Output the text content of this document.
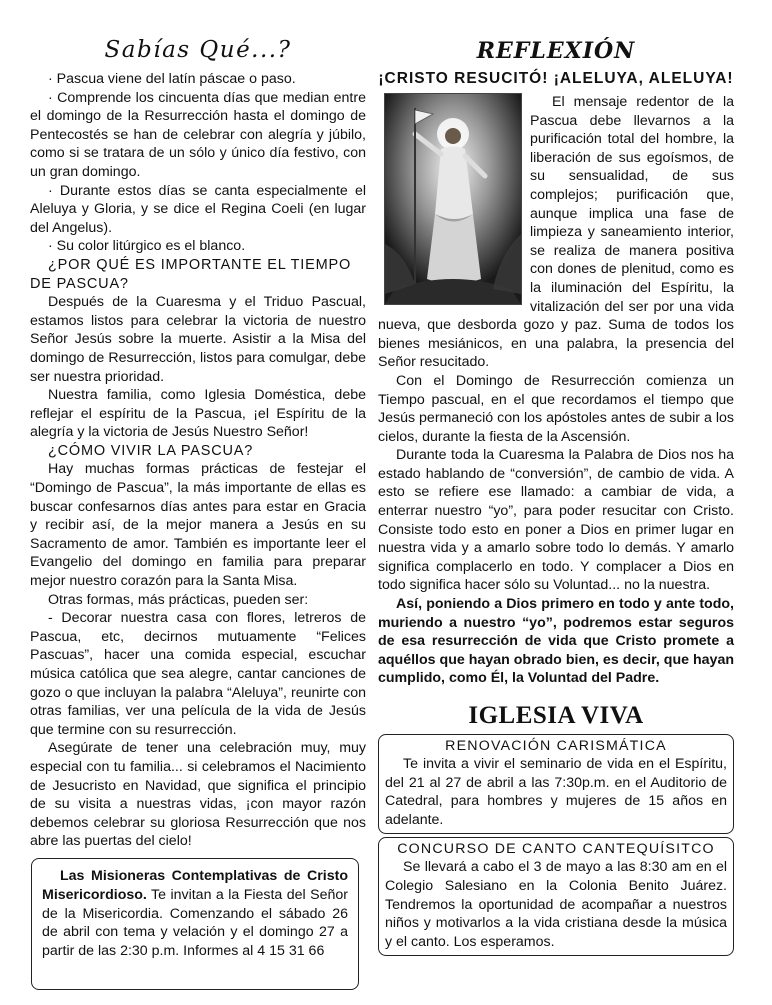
Sabías Qué...?

· Pascua viene del latín páscae o paso.

· Comprende los cincuenta días que median entre el domingo de la Resurrección hasta el domingo de Pentecostés se han de celebrar con alegría y júbilo, como si se tratara de un sólo y único día festivo, con un gran domingo.

· Durante estos días se canta especialmente el Aleluya y Gloria, y se dice el Regina Coeli (en lugar del Angelus).

· Su color litúrgico es el blanco.

¿POR QUÉ ES IMPORTANTE EL TIEMPO DE PASCUA?

Después de la Cuaresma y el Triduo Pascual, estamos listos para celebrar la victoria de nuestro Señor Jesús sobre la muerte. Asistir a la Misa del domingo de Resurrección, listos para comulgar, debe ser nuestra prioridad.

Nuestra familia, como Iglesia Doméstica, debe reflejar el espíritu de la Pascua, ¡el Espíritu de la alegría y la victoria de Jesús Nuestro Señor!

¿CÓMO VIVIR LA PASCUA?

Hay muchas formas prácticas de festejar el “Domingo de Pascua”, la más importante de ellas es buscar confesarnos días antes para estar en Gracia y recibir así, de la mejor manera a Jesús en su Sacramento de amor. También es importante leer el Evangelio del domingo en familia para preparar mejor nuestro corazón para la Santa Misa.

Otras formas, más prácticas, pueden ser:

- Decorar nuestra casa con flores, letreros de Pascua, etc, decirnos mutuamente “Felices Pascuas”, hacer una comida especial, escuchar música católica que sea alegre, cantar canciones de gozo o que incluyan la palabra “Aleluya”, reunirte con otras familias, ver una película de la vida de Jesús que termine con su resurrección.

Asegúrate de tener una celebración muy, muy especial con tu familia... si celebramos el Nacimiento de Jesucristo en Navidad, que significa el principio de su visita a nuestras vidas, ¡con mayor razón debemos celebrar su gloriosa Resurrección que nos abre las puertas del cielo!

Las Misioneras Contemplativas de Cristo Misericordioso. Te invitan a la Fiesta del Señor de la Misericordia. Comenzando el sábado 26 de abril con tema y velación y el domingo 27 a partir de las 2:30 p.m. Informes al 4 15 31 66

REFLEXIÓN
¡CRISTO RESUCITÓ! ¡ALELUYA, ALELUYA!

El mensaje redentor de la Pascua debe llevarnos a la purificación total del hombre, la liberación de sus egoísmos, de su sensualidad, de sus complejos; purificación que, aunque implica una fase de limpieza y saneamiento interior, se realiza de manera positiva con dones de plenitud, como es la iluminación del Espíritu, la vitalización del ser por una vida nueva, que desborda gozo y paz. Suma de todos los bienes mesiánicos, en una palabra, la presencia del Señor resucitado.

Con el Domingo de Resurrección comienza un Tiempo pascual, en el que recordamos el tiempo que Jesús permaneció con los apóstoles antes de subir a los cielos, durante la fiesta de la Ascensión.

Durante toda la Cuaresma la Palabra de Dios nos ha estado hablando de “conversión”, de cambio de vida. A esto se refiere ese llamado: a cambiar de vida, a enterrar nuestro “yo”, para poder resucitar con Cristo. Consiste todo esto en poner a Dios en primer lugar en nuestra vida y a amarlo sobre todo lo demás. Y amarlo significa complacerlo en todo. Y complacer a Dios en todo significa hacer sólo su Voluntad... no la nuestra.

Así, poniendo a Dios primero en todo y ante todo, muriendo a nuestro “yo”, podremos estar seguros de esa resurrección de vida que Cristo promete a aquéllos que hayan obrado bien, es decir, que hayan cumplido, como Él, la Voluntad del Padre.

IGLESIA VIVA

RENOVACIÓN CARISMÁTICA

Te invita a vivir el seminario de vida en el Espíritu, del 21 al 27 de abril a las 7:30p.m. en el Auditorio de Catedral, para hombres y mujeres de 15 años en adelante.

CONCURSO DE CANTO CANTEQUÍSITCO

Se llevará a cabo el 3 de mayo a las 8:30 am en el Colegio Salesiano en la Colonia Benito Juárez. Tendremos la oportunidad de acompañar a nuestros niños y motivarlos a la vida cristiana desde la música y el canto. Los esperamos.
